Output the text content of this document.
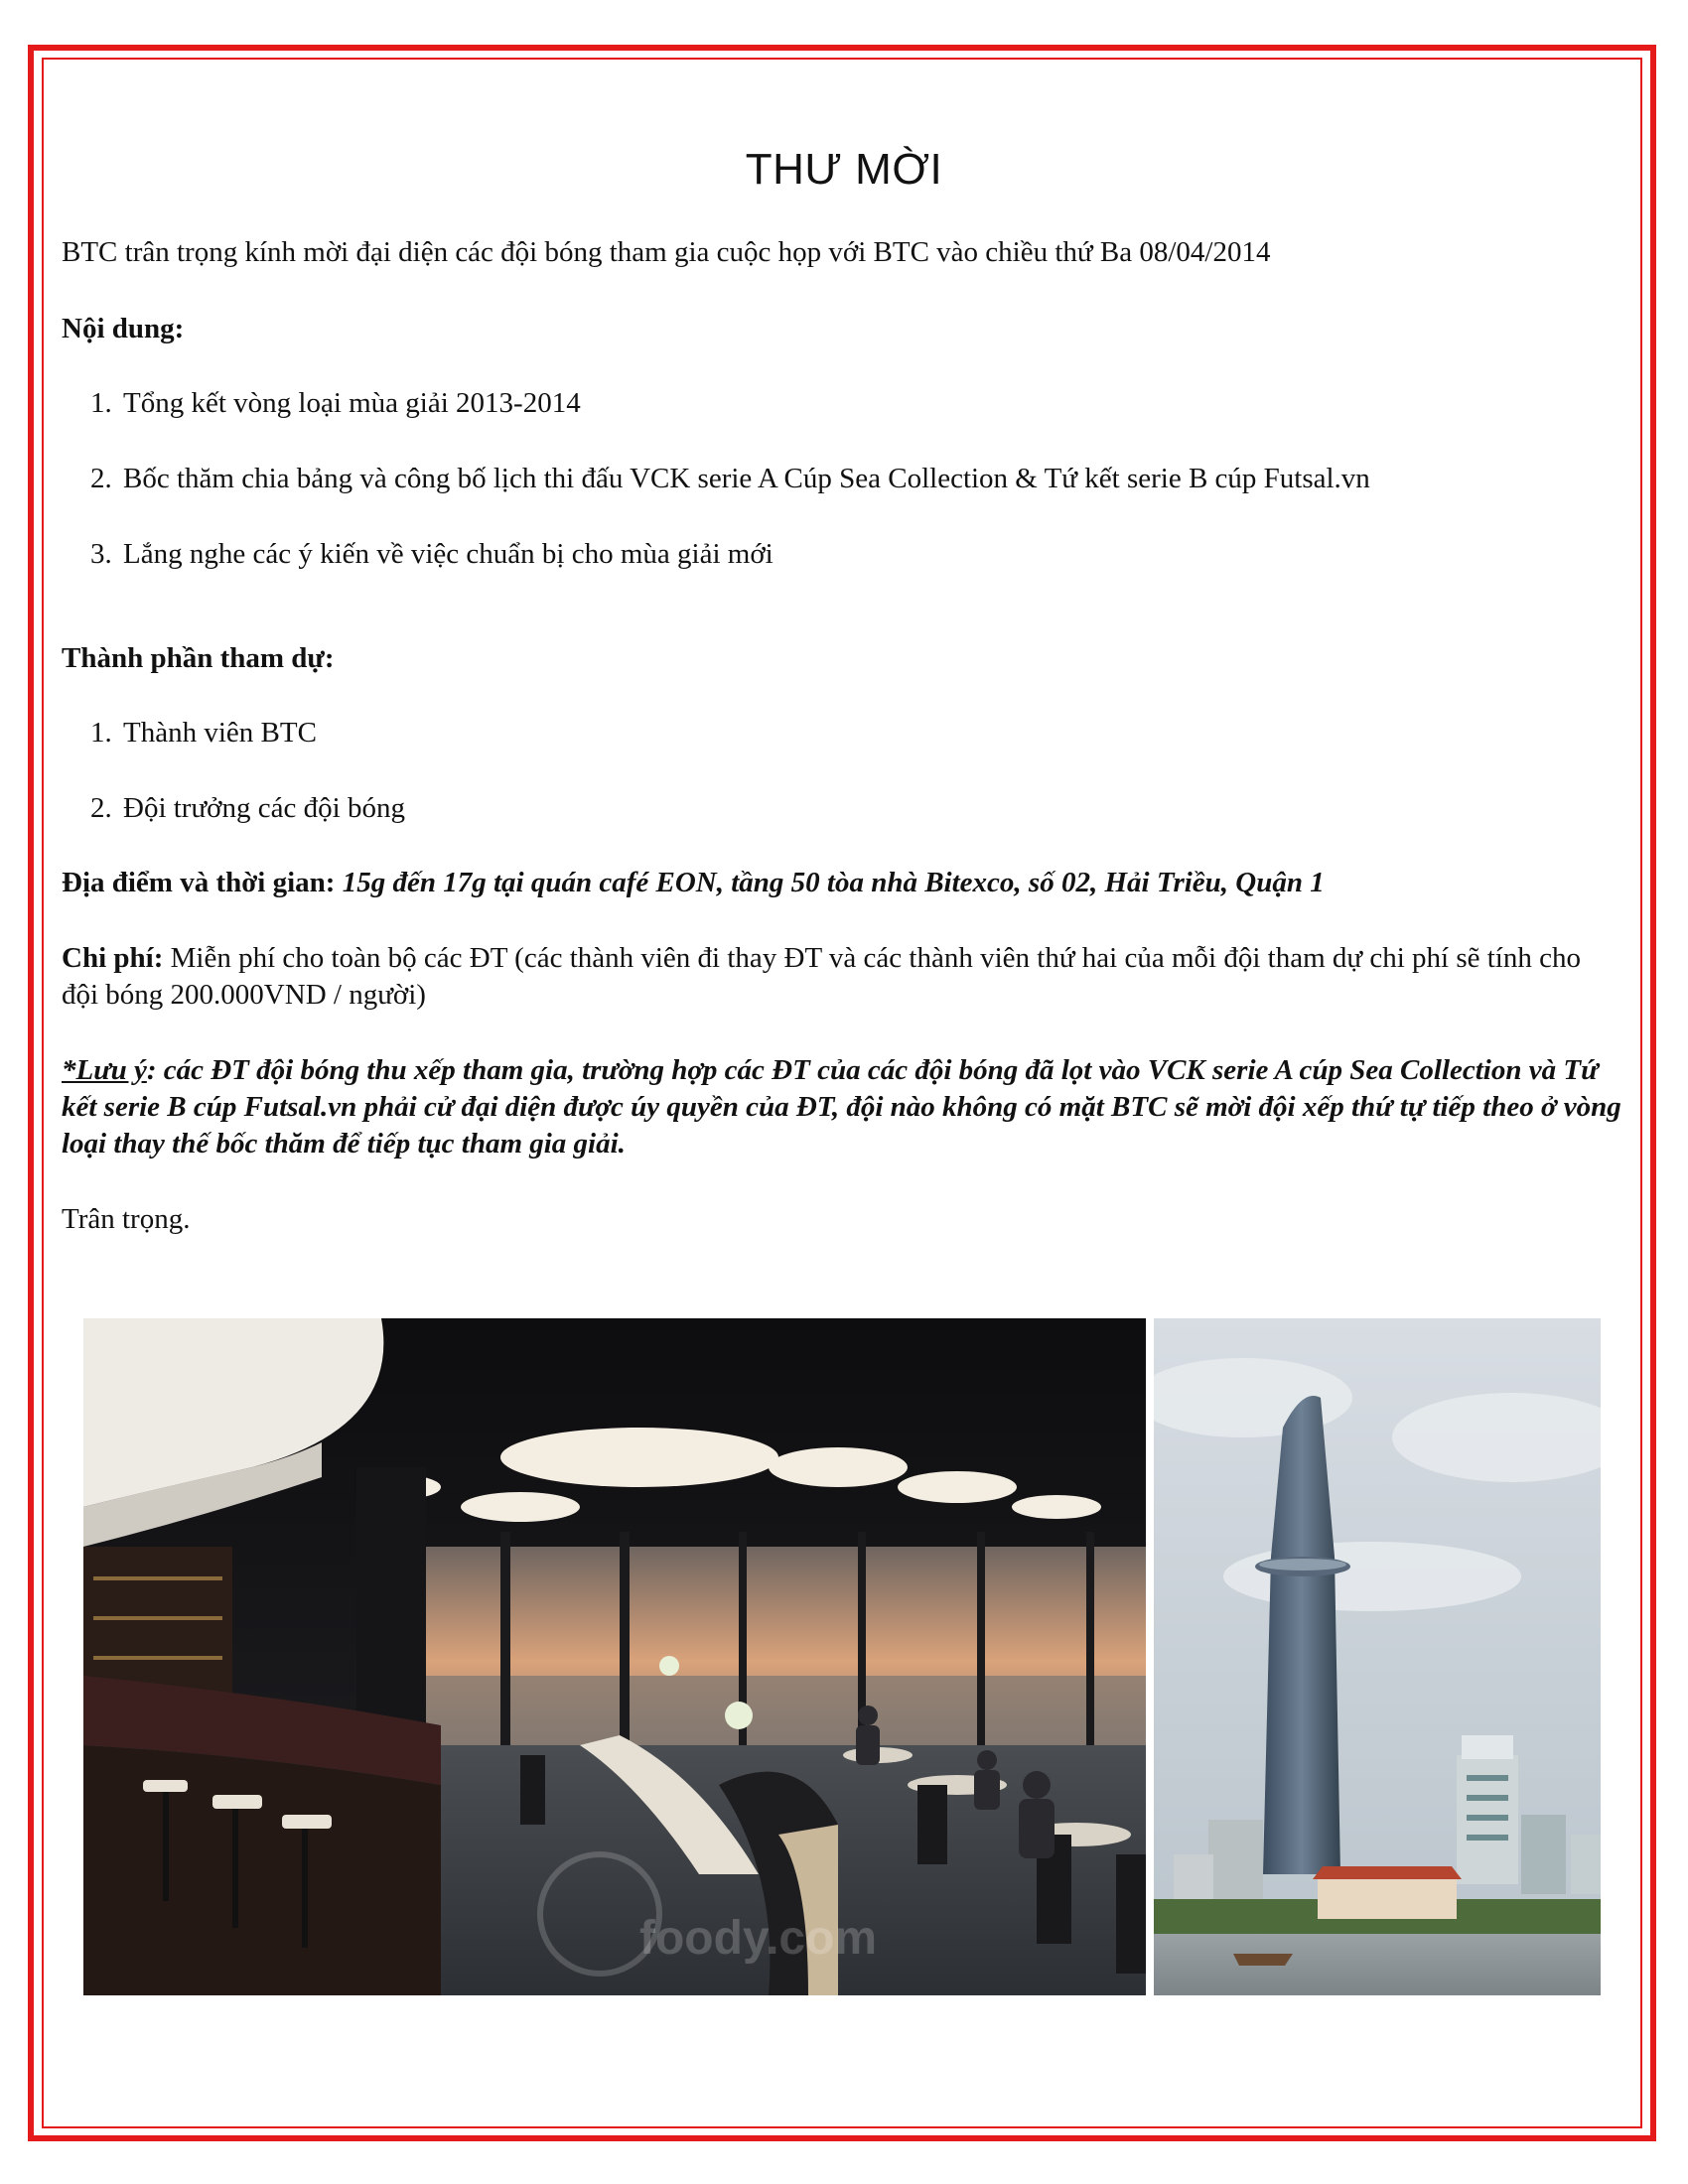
THƯ MỜI

BTC trân trọng kính mời đại diện các đội bóng tham gia cuộc họp với BTC vào chiều thứ Ba 08/04/2014

Nội dung:

1. Tổng kết vòng loại mùa giải 2013-2014
2. Bốc thăm chia bảng và công bố lịch thi đấu VCK serie A Cúp Sea Collection & Tứ kết serie B cúp Futsal.vn
3. Lắng nghe các ý kiến về việc chuẩn bị cho mùa giải mới

Thành phần tham dự:

1. Thành viên BTC
2. Đội trưởng các đội bóng

Địa điểm và thời gian: 15g đến 17g tại quán café EON, tầng 50 tòa nhà Bitexco, số 02, Hải Triều, Quận 1

Chi phí: Miễn phí cho toàn bộ các ĐT (các thành viên đi thay ĐT và các thành viên thứ hai của mỗi đội tham dự chi phí sẽ tính cho đội bóng 200.000VND / người)

*Lưu ý: các ĐT đội bóng thu xếp tham gia, trường hợp các ĐT của các đội bóng đã lọt vào VCK serie A cúp Sea Collection và Tứ kết serie B cúp Futsal.vn phải cử đại diện được úy quyền của ĐT, đội nào không có mặt BTC sẽ mời đội xếp thứ tự tiếp theo ở vòng loại thay thế bốc thăm để tiếp tục tham gia giải.

Trân trọng.

foody.com
